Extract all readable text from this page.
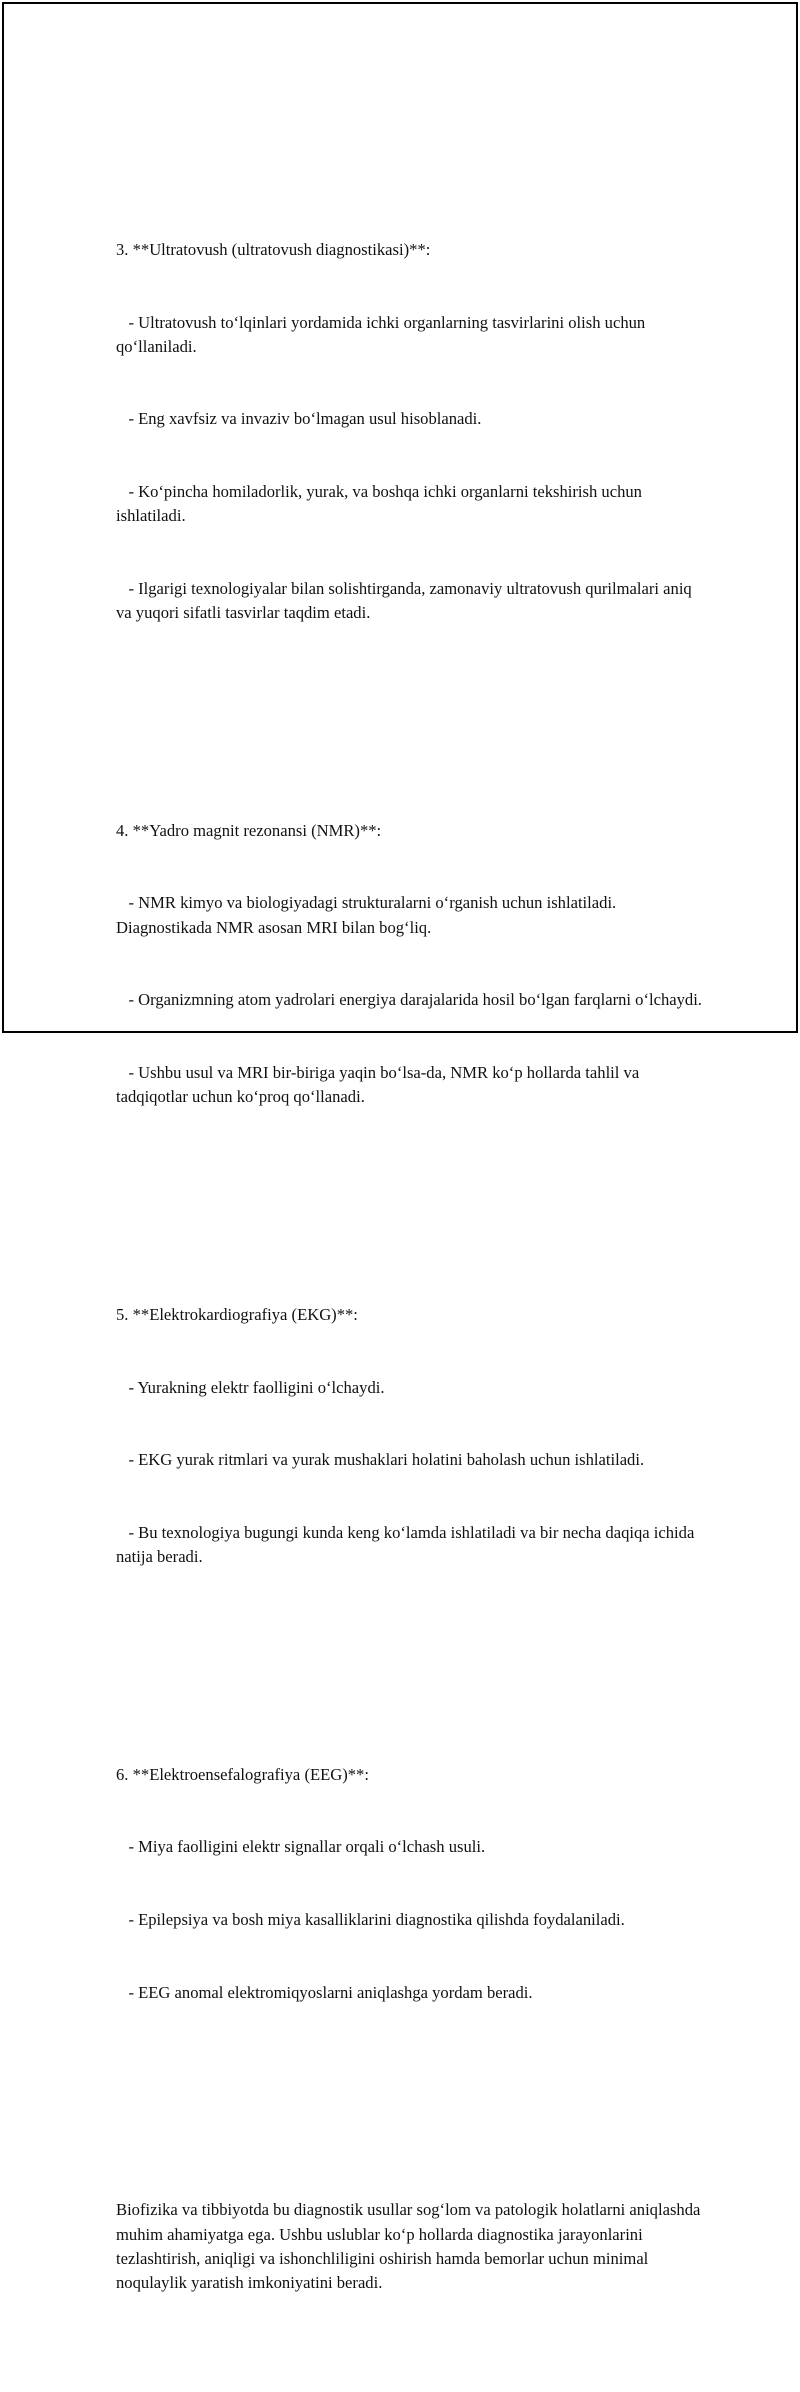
3. **Ultratovush (ultratovush diagnostikasi)**:

- Ultratovush to‘lqinlari yordamida ichki organlarning tasvirlarini olish uchun qo‘llaniladi.

- Eng xavfsiz va invaziv bo‘lmagan usul hisoblanadi.

- Ko‘pincha homiladorlik, yurak, va boshqa ichki organlarni tekshirish uchun ishlatiladi.

- Ilgarigi texnologiyalar bilan solishtirganda, zamonaviy ultratovush qurilmalari aniq va yuqori sifatli tasvirlar taqdim etadi.

4. **Yadro magnit rezonansi (NMR)**:

- NMR kimyo va biologiyadagi strukturalarni o‘rganish uchun ishlatiladi. Diagnostikada NMR asosan MRI bilan bog‘liq.

- Organizmning atom yadrolari energiya darajalarida hosil bo‘lgan farqlarni o‘lchaydi.

- Ushbu usul va MRI bir-biriga yaqin bo‘lsa-da, NMR ko‘p hollarda tahlil va tadqiqotlar uchun ko‘proq qo‘llanadi.

5. **Elektrokardiografiya (EKG)**:

- Yurakning elektr faolligini o‘lchaydi.

- EKG yurak ritmlari va yurak mushaklari holatini baholash uchun ishlatiladi.

- Bu texnologiya bugungi kunda keng ko‘lamda ishlatiladi va bir necha daqiqa ichida natija beradi.

6. **Elektroensefalografiya (EEG)**:

- Miya faolligini elektr signallar orqali o‘lchash usuli.

- Epilepsiya va bosh miya kasalliklarini diagnostika qilishda foydalaniladi.

- EEG anomal elektromiqyoslarni aniqlashga yordam beradi.

Biofizika va tibbiyotda bu diagnostik usullar sog‘lom va patologik holatlarni aniqlashda muhim ahamiyatga ega. Ushbu uslublar ko‘p hollarda diagnostika jarayonlarini tezlashtirish, aniqligi va ishonchliligini oshirish hamda bemorlar uchun minimal noqulaylik yaratish imkoniyatini beradi.
